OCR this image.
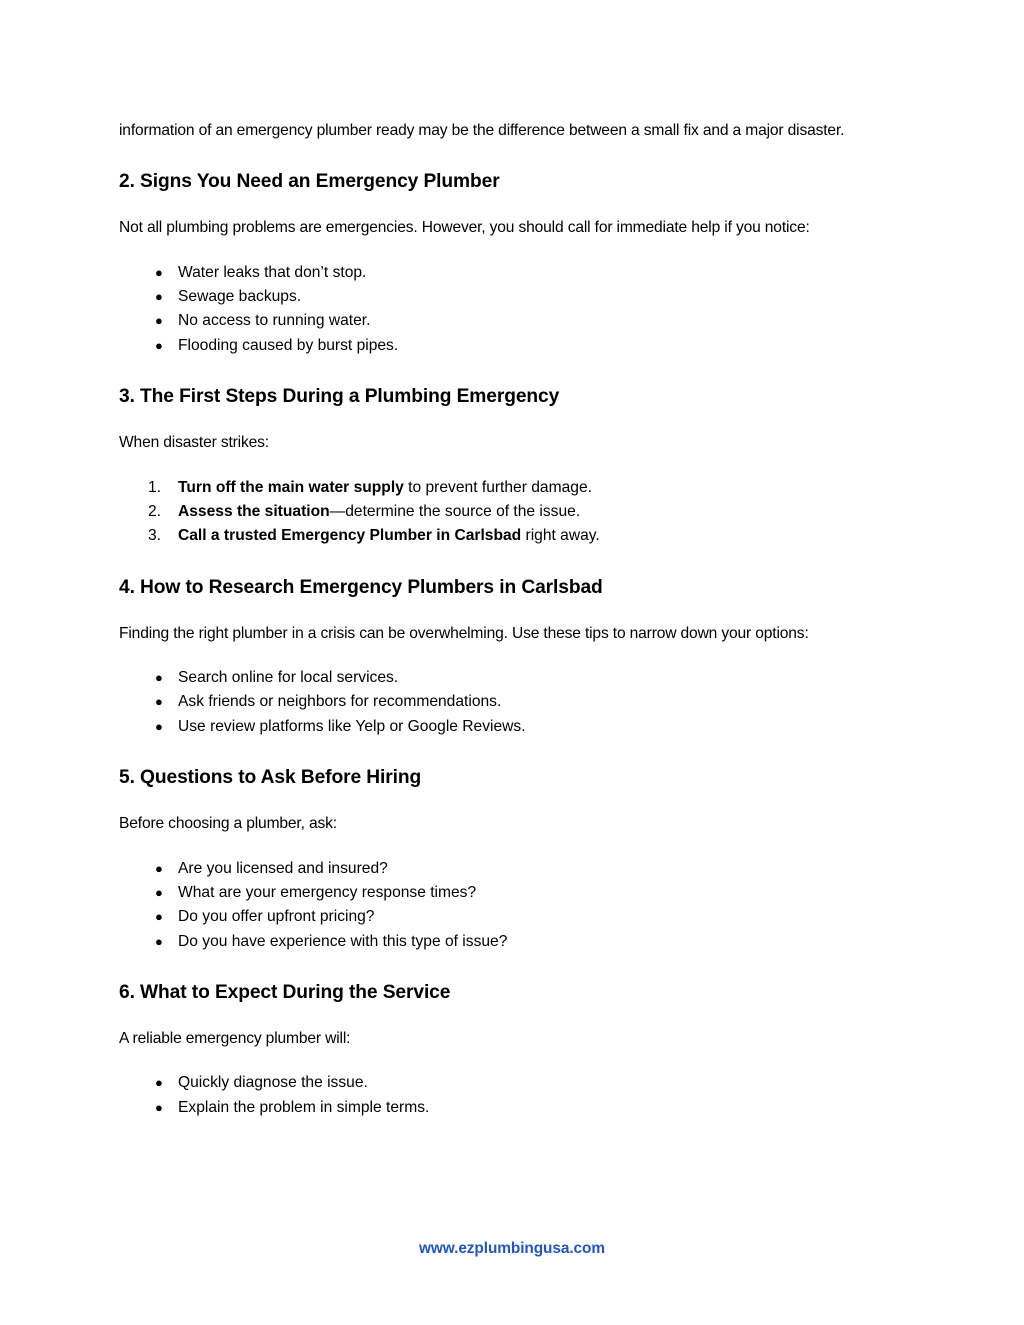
information of an emergency plumber ready may be the difference between a small fix and a major disaster.

2. Signs You Need an Emergency Plumber

Not all plumbing problems are emergencies. However, you should call for immediate help if you notice:

● Water leaks that don’t stop.
● Sewage backups.
● No access to running water.
● Flooding caused by burst pipes.
3. The First Steps During a Plumbing Emergency

When disaster strikes:

1.	Turn off the main water supply to prevent further damage.
2.	Assess the situation—determine the source of the issue.
3.	Call a trusted Emergency Plumber in Carlsbad right away.
4. How to Research Emergency Plumbers in Carlsbad

Finding the right plumber in a crisis can be overwhelming. Use these tips to narrow down your options:

● Search online for local services.
● Ask friends or neighbors for recommendations.
● Use review platforms like Yelp or Google Reviews.
5. Questions to Ask Before Hiring

Before choosing a plumber, ask:

● Are you licensed and insured?
● What are your emergency response times?
● Do you offer upfront pricing?
● Do you have experience with this type of issue?
6. What to Expect During the Service

A reliable emergency plumber will:

● Quickly diagnose the issue.
● Explain the problem in simple terms.
www.ezplumbingusa.com
